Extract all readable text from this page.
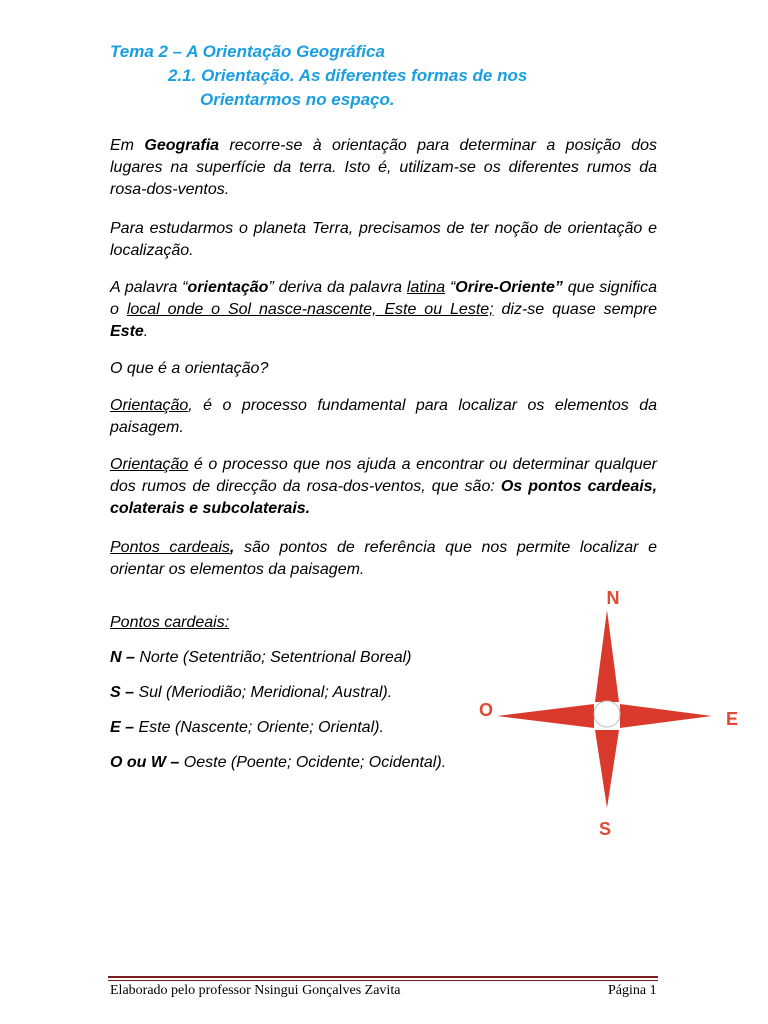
Tema 2 – A Orientação Geográfica
2.1. Orientação. As diferentes formas de nos
Orientarmos no espaço.
Em Geografia recorre-se à orientação para determinar a posição dos lugares na superfície da terra. Isto é, utilizam-se os diferentes rumos da rosa-dos-ventos.
Para estudarmos o planeta Terra, precisamos de ter noção de orientação e localização.
A palavra “orientação” deriva da palavra latina “Orire-Oriente” que significa o local onde o Sol nasce-nascente, Este ou Leste; diz-se quase sempre Este.
O que é a orientação?
Orientação, é o processo fundamental para localizar os elementos da paisagem.
Orientação é o processo que nos ajuda a encontrar ou determinar qualquer dos rumos de direcção da rosa-dos-ventos, que são: Os pontos cardeais, colaterais e subcolaterais.
Pontos cardeais, são pontos de referência que nos permite localizar e orientar os elementos da paisagem.
Pontos cardeais:
N – Norte (Setentrião; Setentrional Boreal)
S – Sul (Meriodião; Meridional; Austral).
E – Este (Nascente; Oriente; Oriental).
O ou W – Oeste (Poente; Ocidente; Ocidental).
N
S
E
O
Elaborado pelo professor Nsingui Gonçalves Zavita	Página 1
